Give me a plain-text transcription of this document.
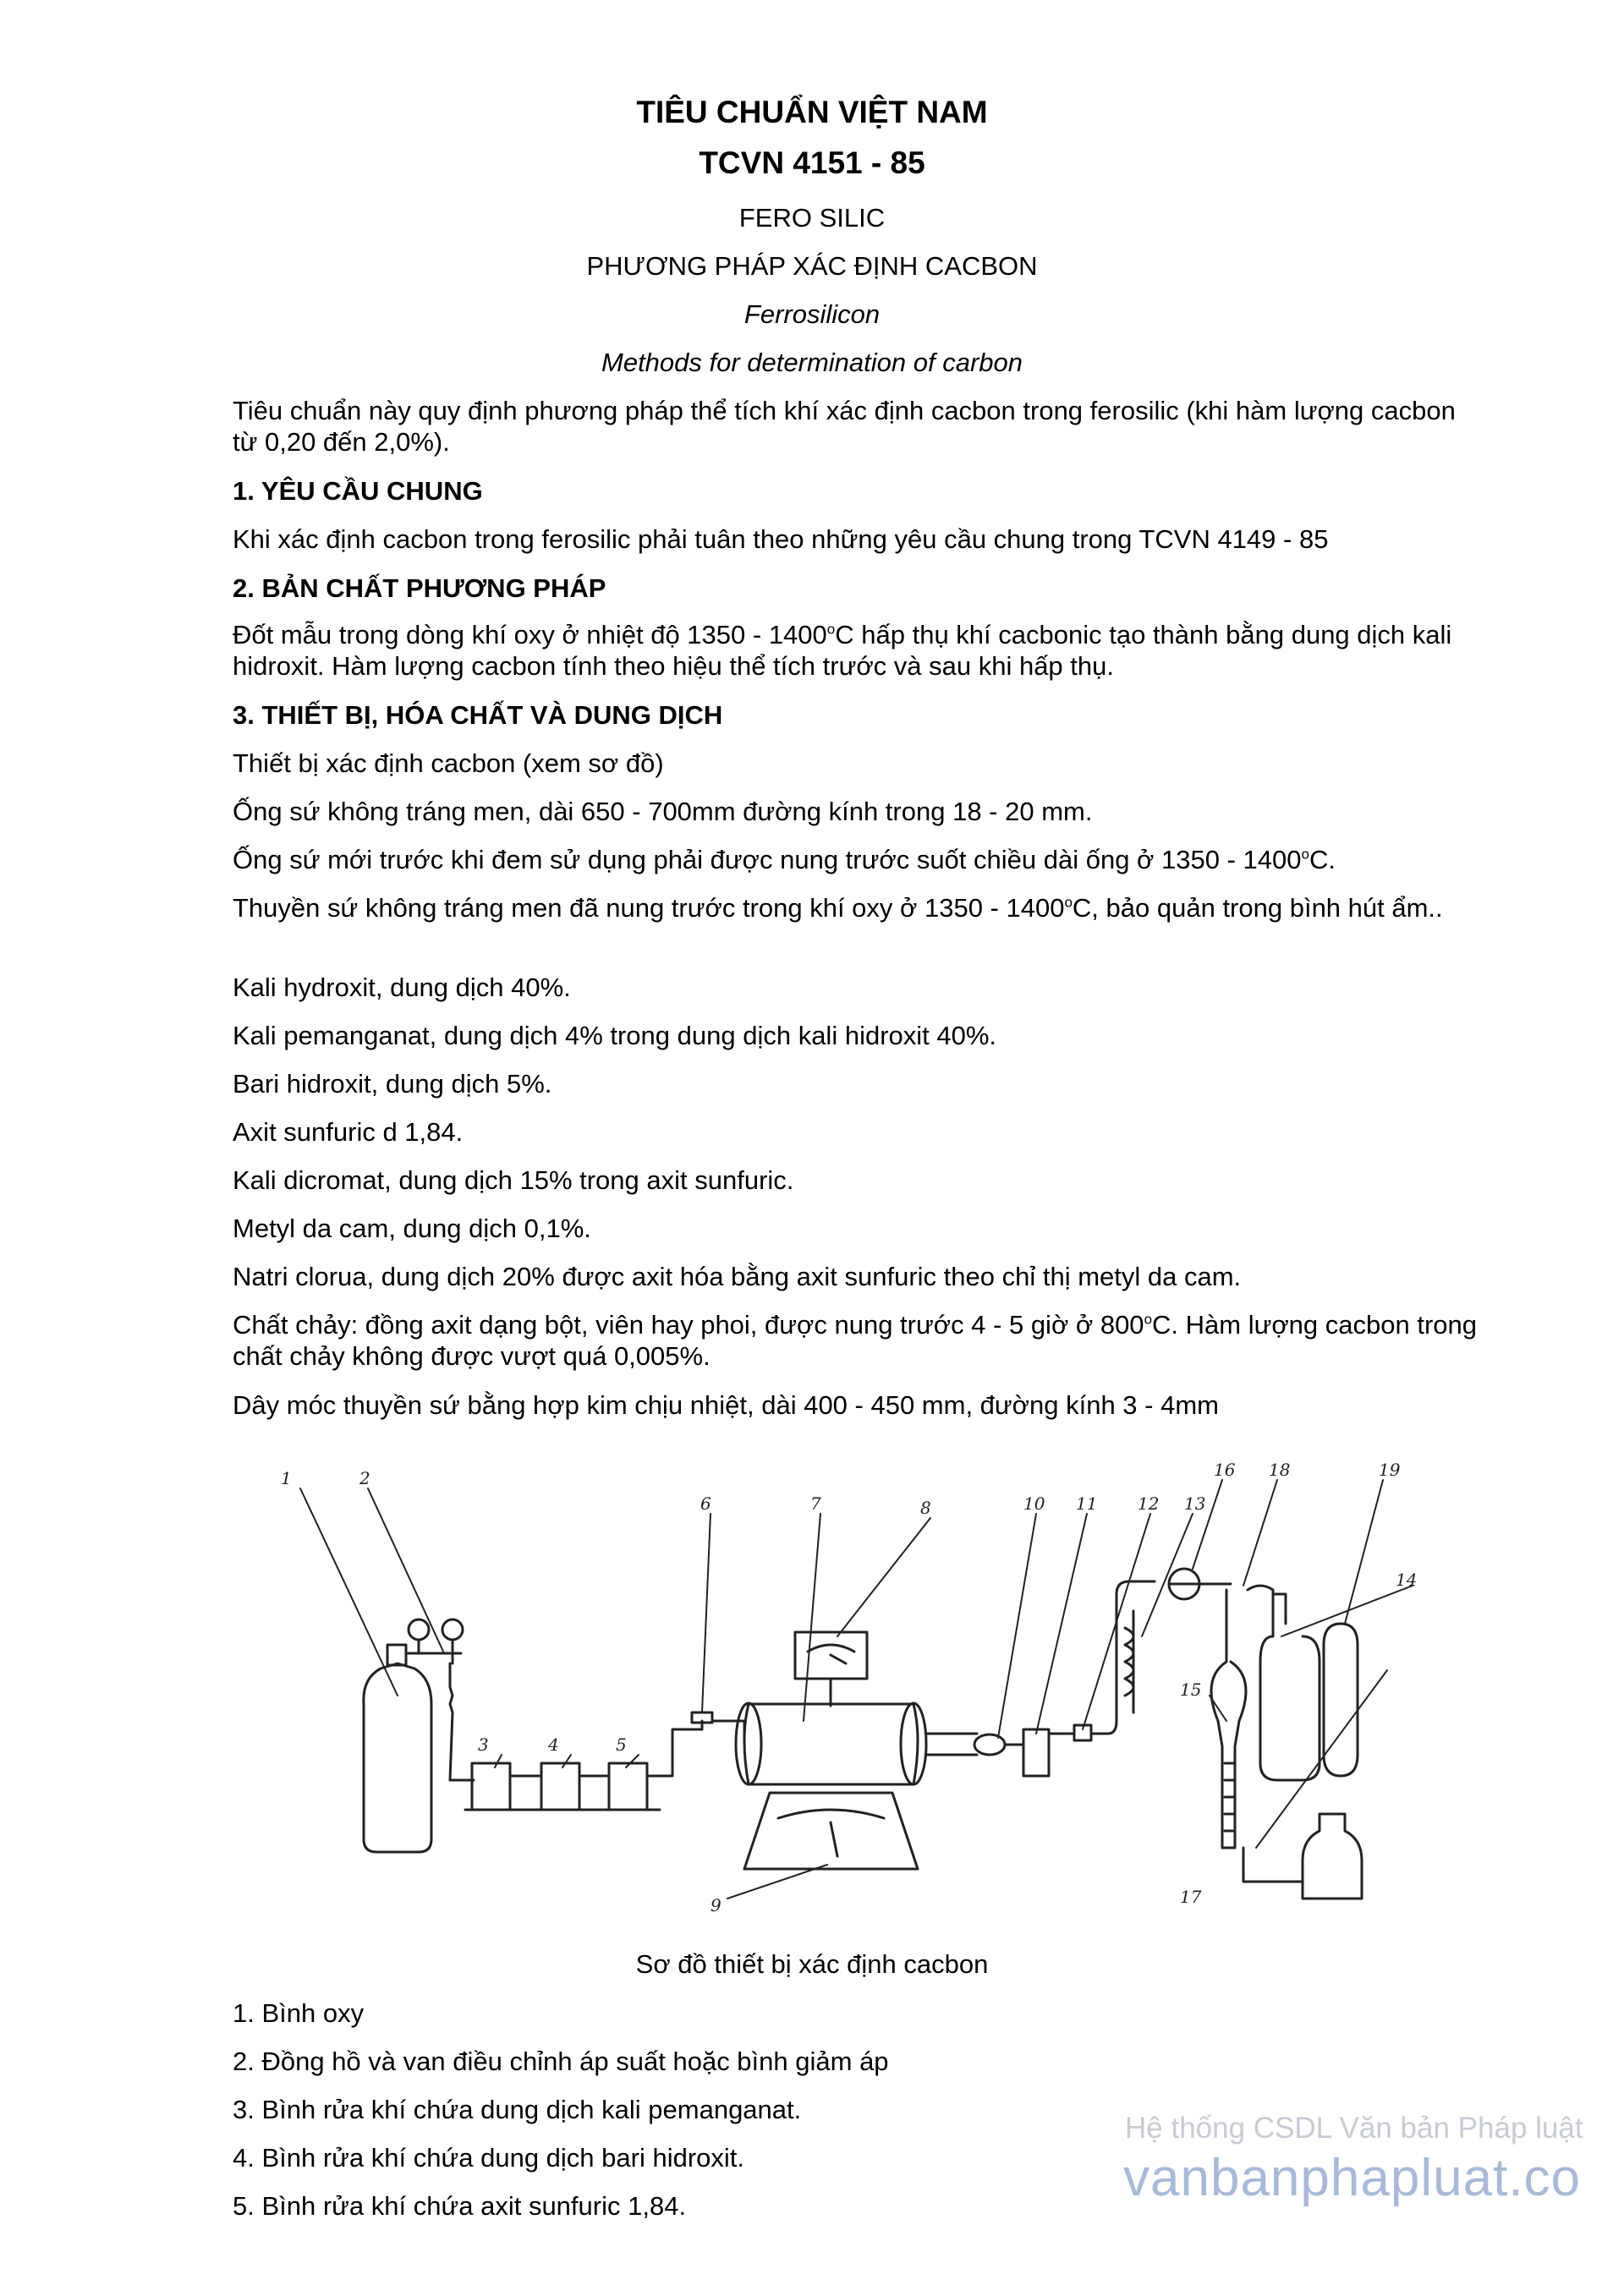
TIÊU CHUẨN VIỆT NAM
TCVN 4151 - 85
FERO SILIC
PHƯƠNG PHÁP XÁC ĐỊNH CACBON
Ferrosilicon
Methods for determination of carbon
Tiêu chuẩn này quy định phương pháp thể tích khí xác định cacbon trong ferosilic (khi hàm lượng cacbon từ 0,20 đến 2,0%).
1. YÊU CẦU CHUNG
Khi xác định cacbon trong ferosilic phải tuân theo những yêu cầu chung trong TCVN 4149 - 85
2. BẢN CHẤT PHƯƠNG PHÁP
Đốt mẫu trong dòng khí oxy ở nhiệt độ 1350 - 1400$^o$C hấp thụ khí cacbonic tạo thành bằng dung dịch kali hidroxit. Hàm lượng cacbon tính theo hiệu thể tích trước và sau khi hấp thụ.
3. THIẾT BỊ, HÓA CHẤT VÀ DUNG DỊCH
Thiết bị xác định cacbon (xem sơ đồ)
Ống sứ không tráng men, dài 650 - 700mm đường kính trong 18 - 20 mm.
Ống sứ mới trước khi đem sử dụng phải được nung trước suốt chiều dài ống ở 1350 - 1400$^o$C.
Thuyền sứ không tráng men đã nung trước trong khí oxy ở 1350 - 1400$^o$C, bảo quản trong bình hút ẩm..
Kali hydroxit, dung dịch 40%.
Kali pemanganat, dung dịch 4% trong dung dịch kali hidroxit 40%.
Bari hidroxit, dung dịch 5%.
Axit sunfuric d 1,84.
Kali dicromat, dung dịch 15% trong axit sunfuric.
Metyl da cam, dung dịch 0,1%.
Natri clorua, dung dịch 20% được axit hóa bằng axit sunfuric theo chỉ thị metyl da cam.
Chất chảy: đồng axit dạng bột, viên hay phoi, được nung trước 4 - 5 giờ ở 800$^o$C. Hàm lượng cacbon trong chất chảy không được vượt quá 0,005%.
Dây móc thuyền sứ bằng hợp kim chịu nhiệt, dài 400 - 450 mm, đường kính 3 - 4mm
1	2
3	4	5
6	7	8
9
10 11 12 13
14
15
16
17
18	19
Sơ đồ thiết bị xác định cacbon
1. Bình oxy
2. Đồng hồ và van điều chỉnh áp suất hoặc bình giảm áp
3. Bình rửa khí chứa dung dịch kali pemanganat.
4. Bình rửa khí chứa dung dịch bari hidroxit.
5. Bình rửa khí chứa axit sunfuric 1,84.
Hệ thống CSDL Văn bản Pháp luật
vanbanphapluat.co
